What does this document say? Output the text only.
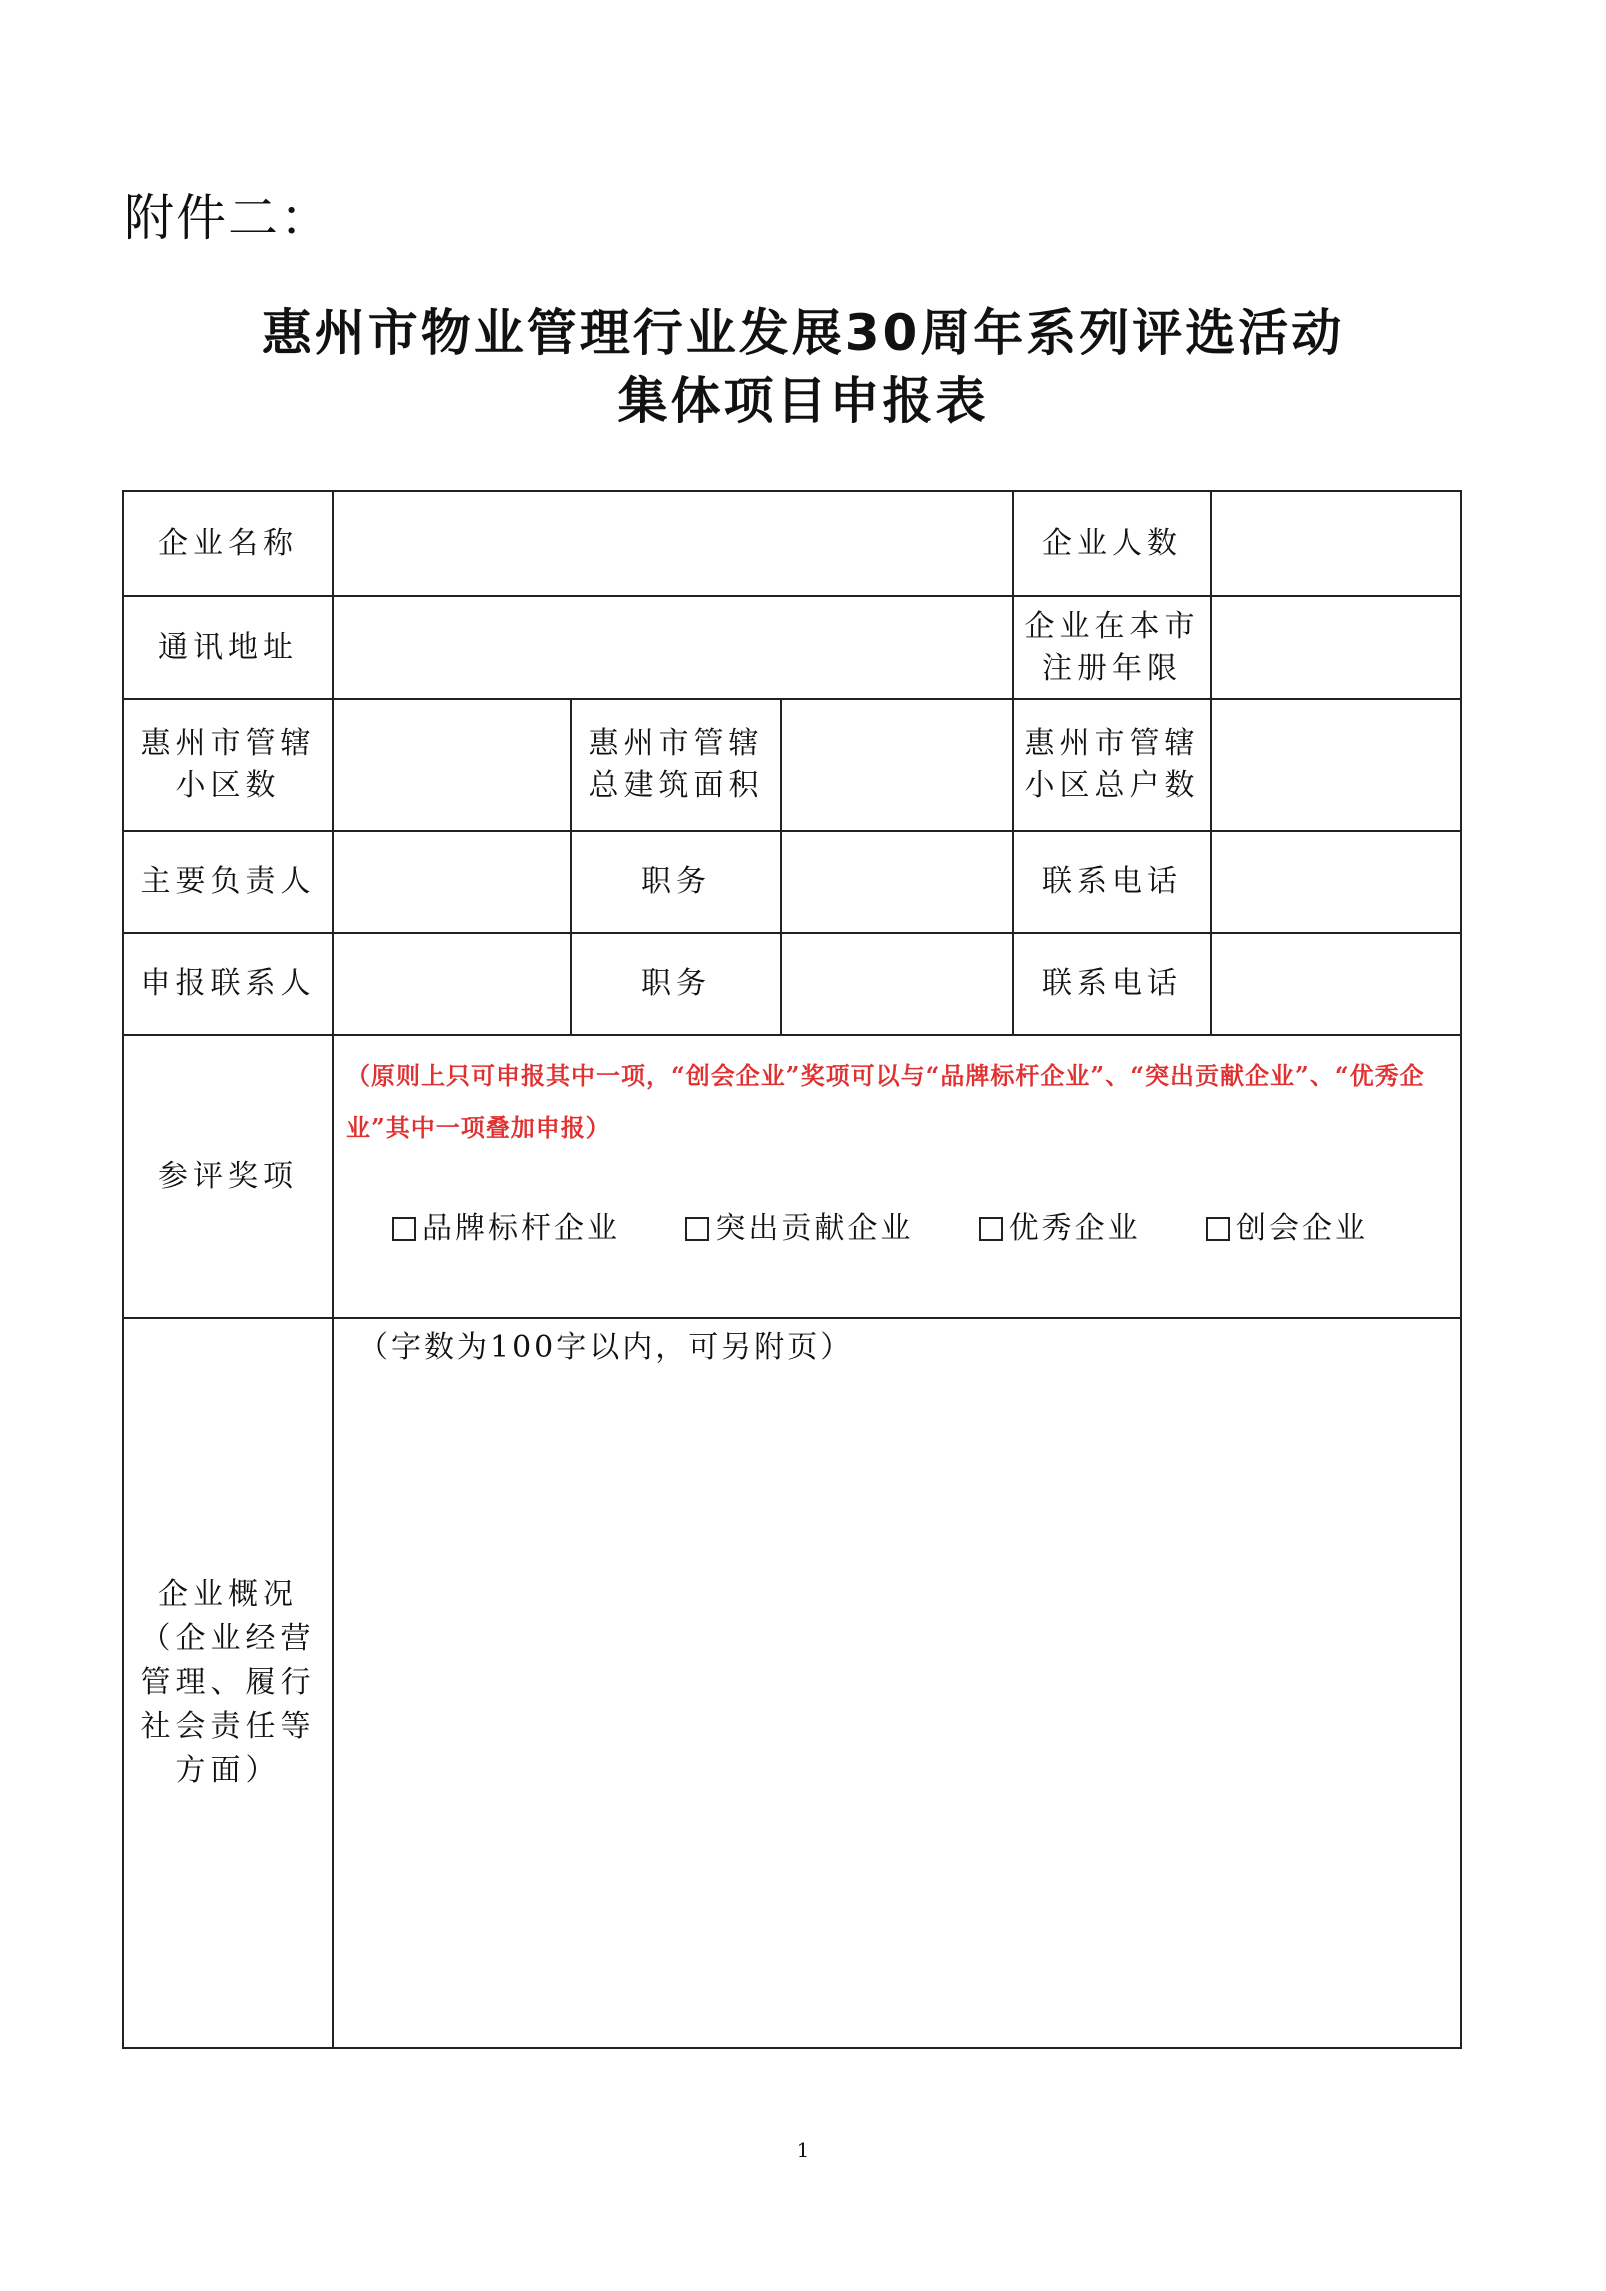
附件二：
惠州市物业管理行业发展30周年系列评选活动
集体项目申报表
企业名称				企业人数	
通讯地址				企业在本市注册年限	
惠州市管辖小区数		惠州市管辖总建筑面积		惠州市管辖小区总户数	
主要负责人		职务		联系电话	
申报联系人		职务		联系电话	
参评奖项	（原则上只可申报其中一项，“创会企业”奖项可以与“品牌标杆企业”、“突出贡献企业”、“优秀企业”其中一项叠加申报）
品牌标杆企业 突出贡献企业 优秀企业 创会企业				

企业概况（企业经营管理、履行社会责任等方面）	（字数为100字以内，可另附页）				
1
